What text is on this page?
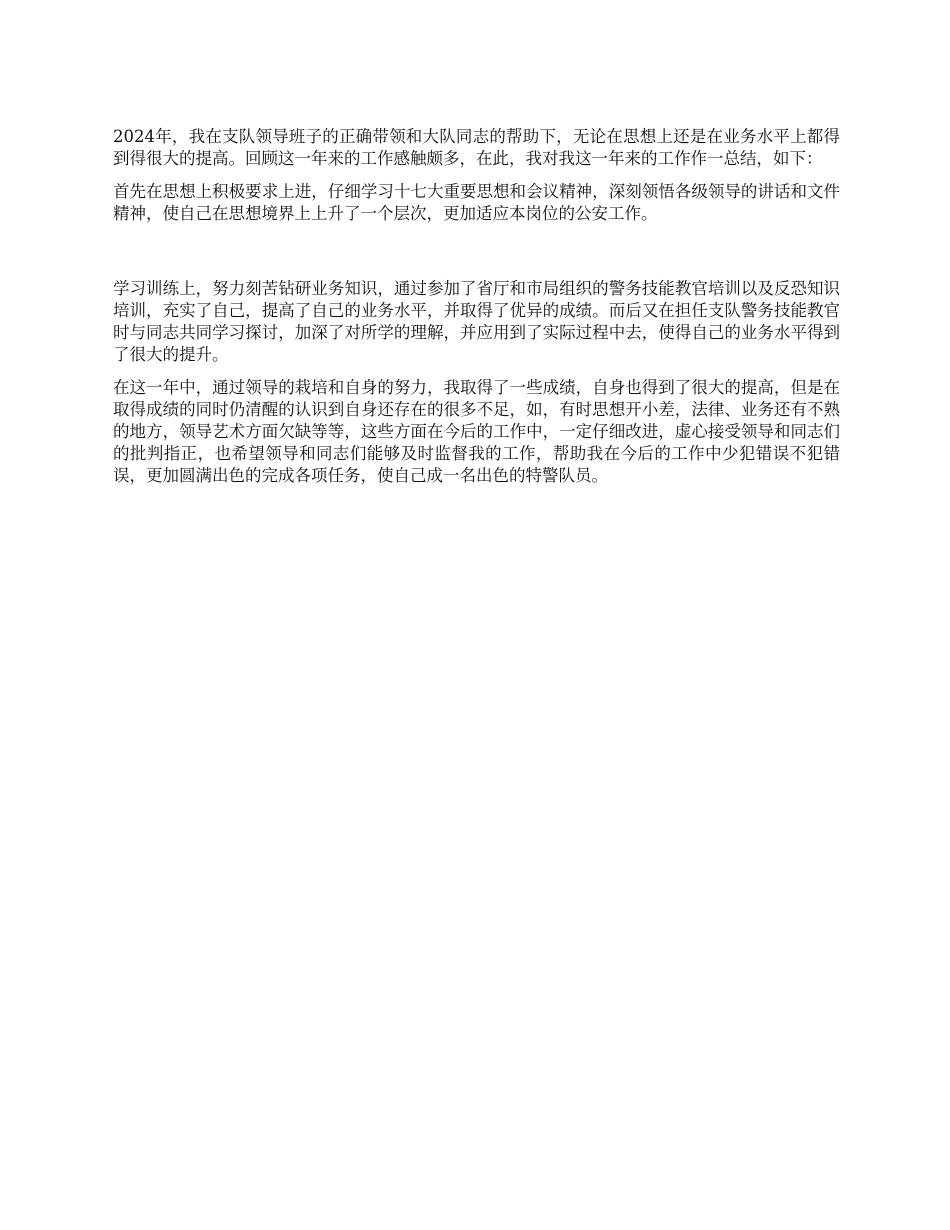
2024年，我在支队领导班子的正确带领和大队同志的帮助下，无论在思想上还是在业务水平上都得到得很大的提高。回顾这一年来的工作感触颇多，在此，我对我这一年来的工作作一总结，如下：

首先在思想上积极要求上进，仔细学习十七大重要思想和会议精神，深刻领悟各级领导的讲话和文件精神，使自己在思想境界上上升了一个层次，更加适应本岗位的公安工作。

学习训练上，努力刻苦钻研业务知识，通过参加了省厅和市局组织的警务技能教官培训以及反恐知识培训，充实了自己，提高了自己的业务水平，并取得了优异的成绩。而后又在担任支队警务技能教官时与同志共同学习探讨，加深了对所学的理解，并应用到了实际过程中去，使得自己的业务水平得到了很大的提升。

在这一年中，通过领导的栽培和自身的努力，我取得了一些成绩，自身也得到了很大的提高，但是在取得成绩的同时仍清醒的认识到自身还存在的很多不足，如，有时思想开小差，法律、业务还有不熟的地方，领导艺术方面欠缺等等，这些方面在今后的工作中，一定仔细改进，虚心接受领导和同志们的批判指正，也希望领导和同志们能够及时监督我的工作，帮助我在今后的工作中少犯错误不犯错误，更加圆满出色的完成各项任务，使自己成一名出色的特警队员。
